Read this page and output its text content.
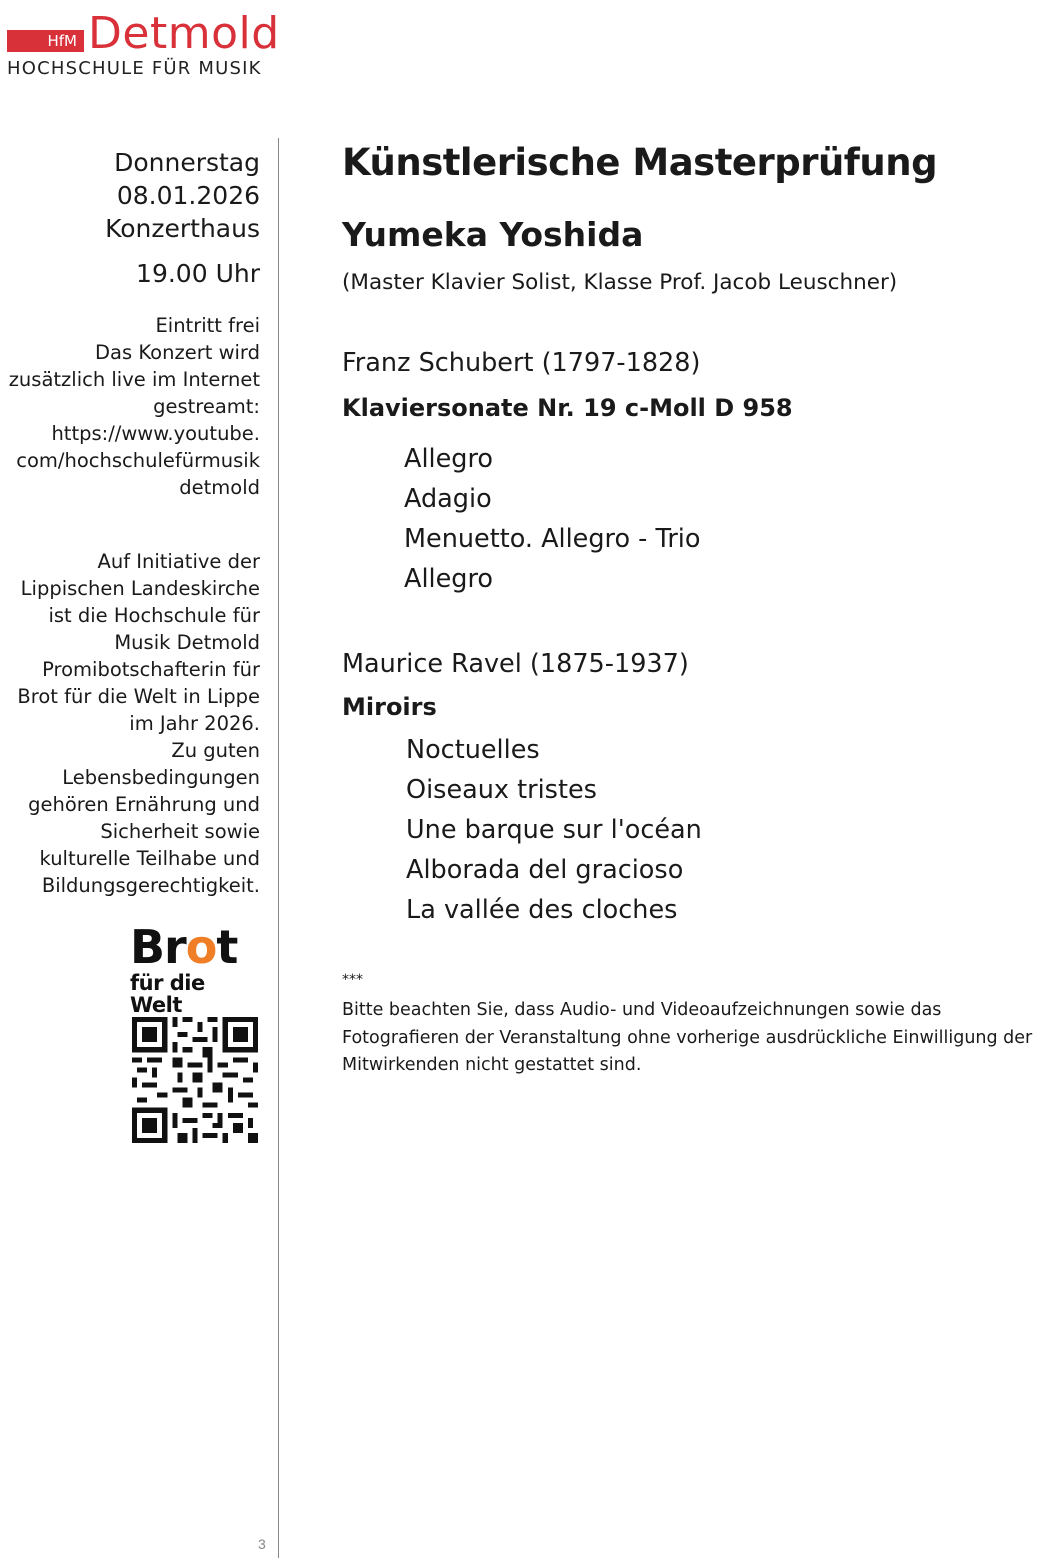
HfM Detmold
HOCHSCHULE FÜR MUSIK
Donnerstag
08.01.2026
Konzerthaus
19.00 Uhr
Eintritt frei
Das Konzert wird
zusätzlich live im Internet
gestreamt:
https://www.youtube.
com/hochschulefürmusik
detmold
Auf Initiative der
Lippischen Landeskirche
ist die Hochschule für
Musik Detmold
Promibotschafterin für
Brot für die Welt in Lippe
im Jahr 2026.
Zu guten
Lebensbedingungen
gehören Ernährung und
Sicherheit sowie
kulturelle Teilhabe und
Bildungsgerechtigkeit.
Brot
für die Welt
3
Künstlerische Masterprüfung
Yumeka Yoshida
(Master Klavier Solist, Klasse Prof. Jacob Leuschner)
Franz Schubert (1797-1828)
Klaviersonate Nr. 19 c-Moll D 958
Allegro
Adagio
Menuetto. Allegro - Trio
Allegro
Maurice Ravel (1875-1937)
Miroirs
Noctuelles
Oiseaux tristes
Une barque sur l'océan
Alborada del gracioso
La vallée des cloches
***
Bitte beachten Sie, dass Audio- und Videoaufzeichnungen sowie das Fotografieren der Veranstaltung ohne vorherige ausdrückliche Einwilligung der Mitwirkenden nicht gestattet sind.
